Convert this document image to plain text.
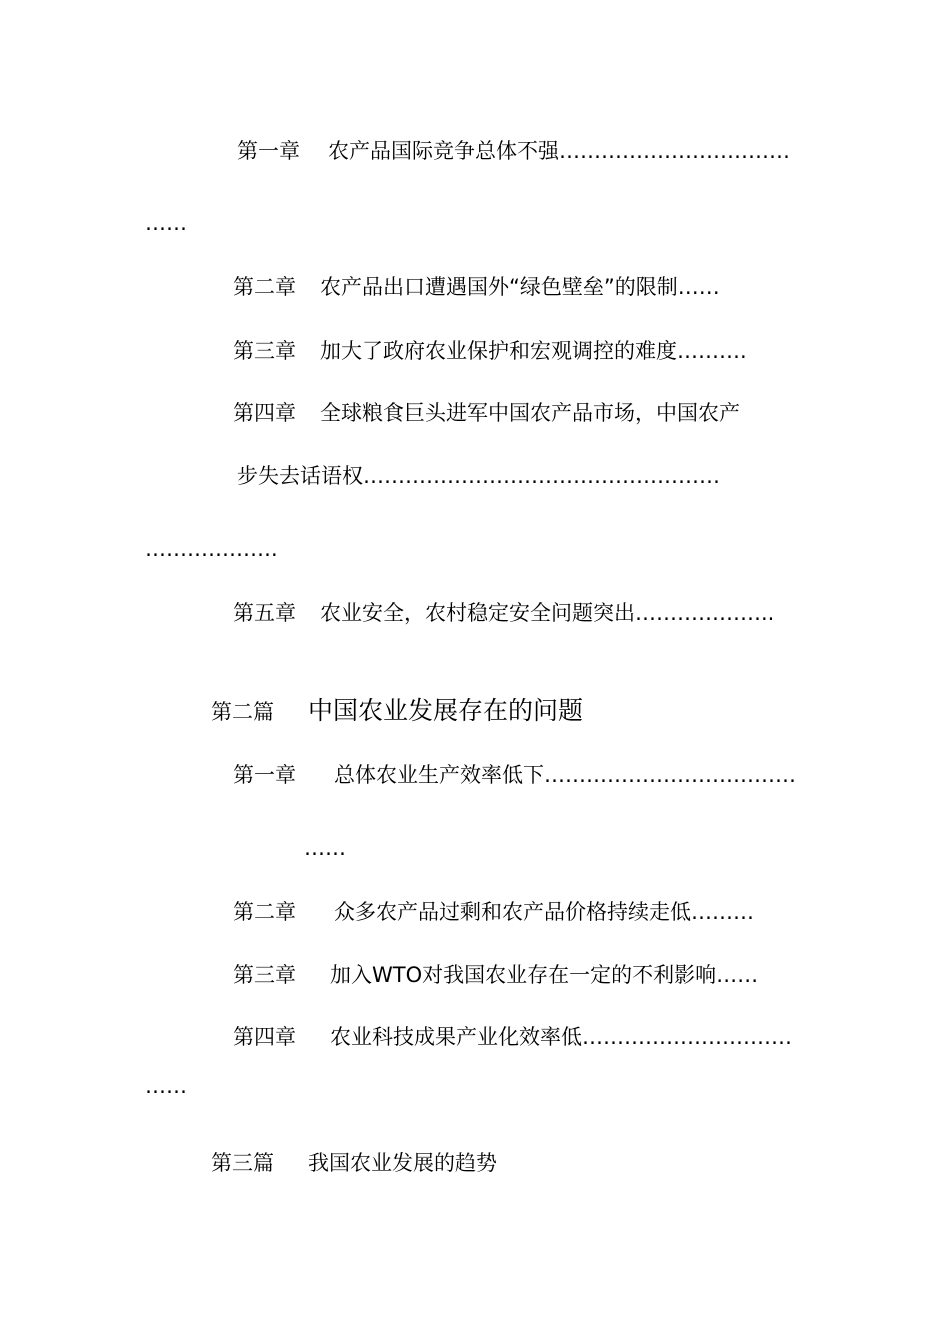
第一章 农产品国际竞争总体不强……………………………
……
第二章 农产品出口遭遇国外“绿色壁垒”的限制……
第三章 加大了政府农业保护和宏观调控的难度……….
第四章 全球粮食巨头进军中国农产品市场，中国农产
步失去话语权……………………………………………
……………….
第五章 农业安全，农村稳定安全问题突出………………..
第二篇 中国农业发展存在的问题
第一章 总体农业生产效率低下………………………………
……
第二章 众多农产品过剩和农产品价格持续走低………
第三章 加入WTO对我国农业存在一定的不利影响……
第四章 农业科技成果产业化效率低…………………………
……
第三篇 我国农业发展的趋势
